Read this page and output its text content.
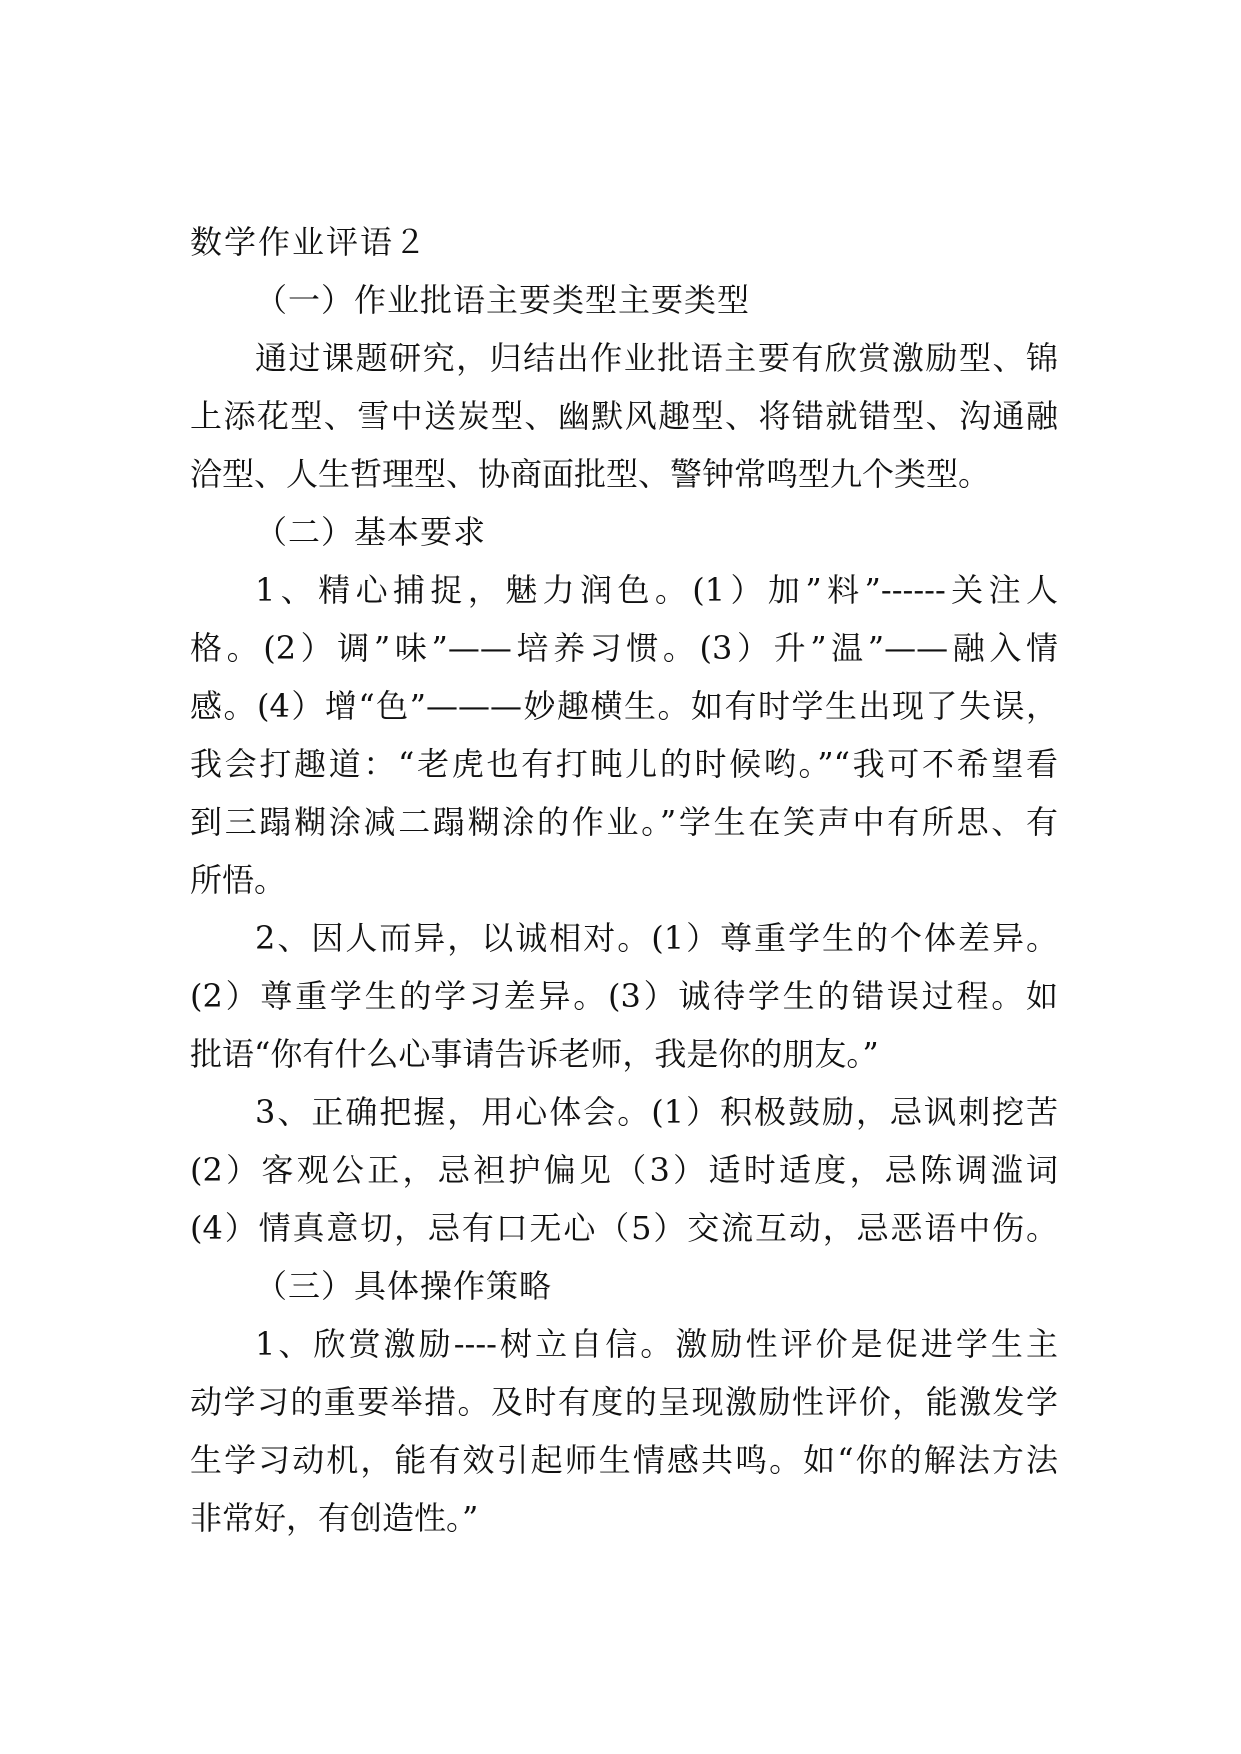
数学作业评语２

（一）作业批语主要类型主要类型

通过课题研究，归结出作业批语主要有欣赏激励型、锦

上添花型、雪中送炭型、幽默风趣型、将错就错型、沟通融

洽型、人生哲理型、协商面批型、警钟常鸣型九个类型。

（二）基本要求

1、精心捕捉，魅力润色。(1）加”料”------关注人

格。(2）调”味”——培养习惯。(3）升”温”——融入情

感。(4）增“色”———妙趣横生。如有时学生出现了失误，

我会打趣道：“老虎也有打盹儿的时候哟。”“我可不希望看

到三蹋糊涂减二蹋糊涂的作业。”学生在笑声中有所思、有

所悟。

2、因人而异，以诚相对。(1）尊重学生的个体差异。

(2）尊重学生的学习差异。(3）诚待学生的错误过程。如

批语“你有什么心事请告诉老师，我是你的朋友。”

3、正确把握，用心体会。(1）积极鼓励，忌讽刺挖苦

(2）客观公正，忌袒护偏见（3）适时适度，忌陈调滥词

(4）情真意切，忌有口无心（5）交流互动，忌恶语中伤。

（三）具体操作策略

1、欣赏激励----树立自信。激励性评价是促进学生主

动学习的重要举措。及时有度的呈现激励性评价，能激发学

生学习动机，能有效引起师生情感共鸣。如“你的解法方法

非常好，有创造性。”
